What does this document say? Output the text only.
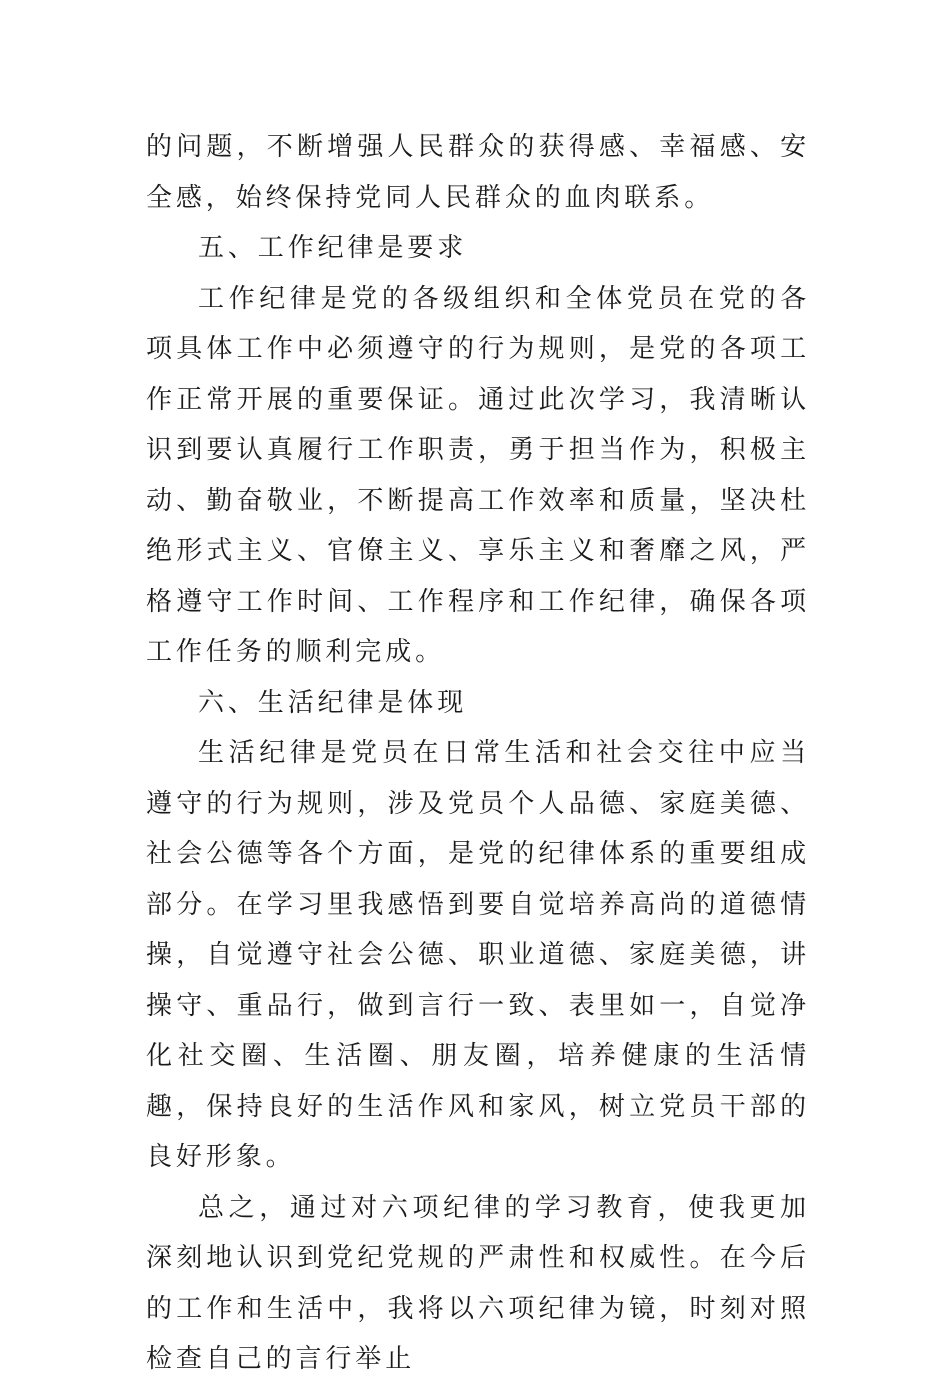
的问题，不断增强人民群众的获得感、幸福感、安全感，始终保持党同人民群众的血肉联系。

五、工作纪律是要求

工作纪律是党的各级组织和全体党员在党的各项具体工作中必须遵守的行为规则，是党的各项工作正常开展的重要保证。通过此次学习，我清晰认识到要认真履行工作职责，勇于担当作为，积极主动、勤奋敬业，不断提高工作效率和质量，坚决杜绝形式主义、官僚主义、享乐主义和奢靡之风，严格遵守工作时间、工作程序和工作纪律，确保各项工作任务的顺利完成。

六、生活纪律是体现

生活纪律是党员在日常生活和社会交往中应当遵守的行为规则，涉及党员个人品德、家庭美德、社会公德等各个方面，是党的纪律体系的重要组成部分。在学习里我感悟到要自觉培养高尚的道德情操，自觉遵守社会公德、职业道德、家庭美德，讲操守、重品行，做到言行一致、表里如一，自觉净化社交圈、生活圈、朋友圈，培养健康的生活情趣，保持良好的生活作风和家风，树立党员干部的良好形象。

总之，通过对六项纪律的学习教育，使我更加深刻地认识到党纪党规的严肃性和权威性。在今后的工作和生活中，我将以六项纪律为镜，时刻对照检查自己的言行举止
